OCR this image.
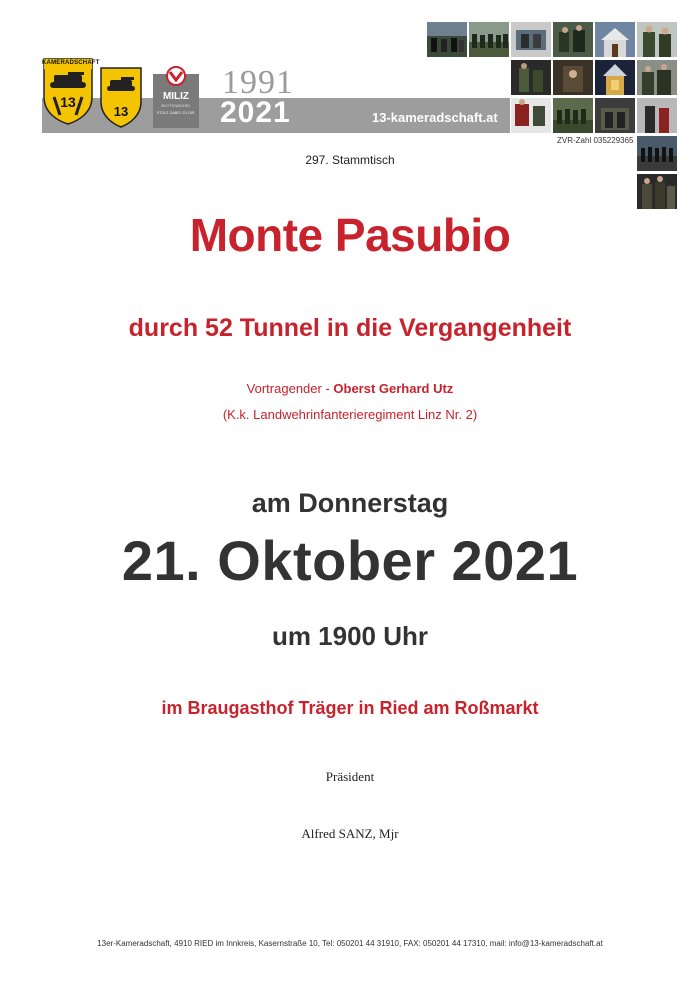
KAMERADSCHAFT
13
13
MILIZ
BÜTTENBÜHEL
STOLZ. DABEI. ZU DIR.
1991
2021	13-kameradschaft.at
ZVR-Zahl 035229365
297. Stammtisch
Monte Pasubio
durch 52 Tunnel in die Vergangenheit
Vortragender - Oberst Gerhard Utz
(K.k. Landwehrinfanterieregiment Linz Nr. 2)
am Donnerstag
21. Oktober 2021
um 1900 Uhr
im Braugasthof Träger in Ried am Roßmarkt
Präsident
Alfred SANZ, Mjr
13er-Kameradschaft, 4910 RIED im Innkreis, Kasernstraße 10, Tel: 050201 44 31910, FAX: 050201 44 17310, mail: info@13-kameradschaft.at
